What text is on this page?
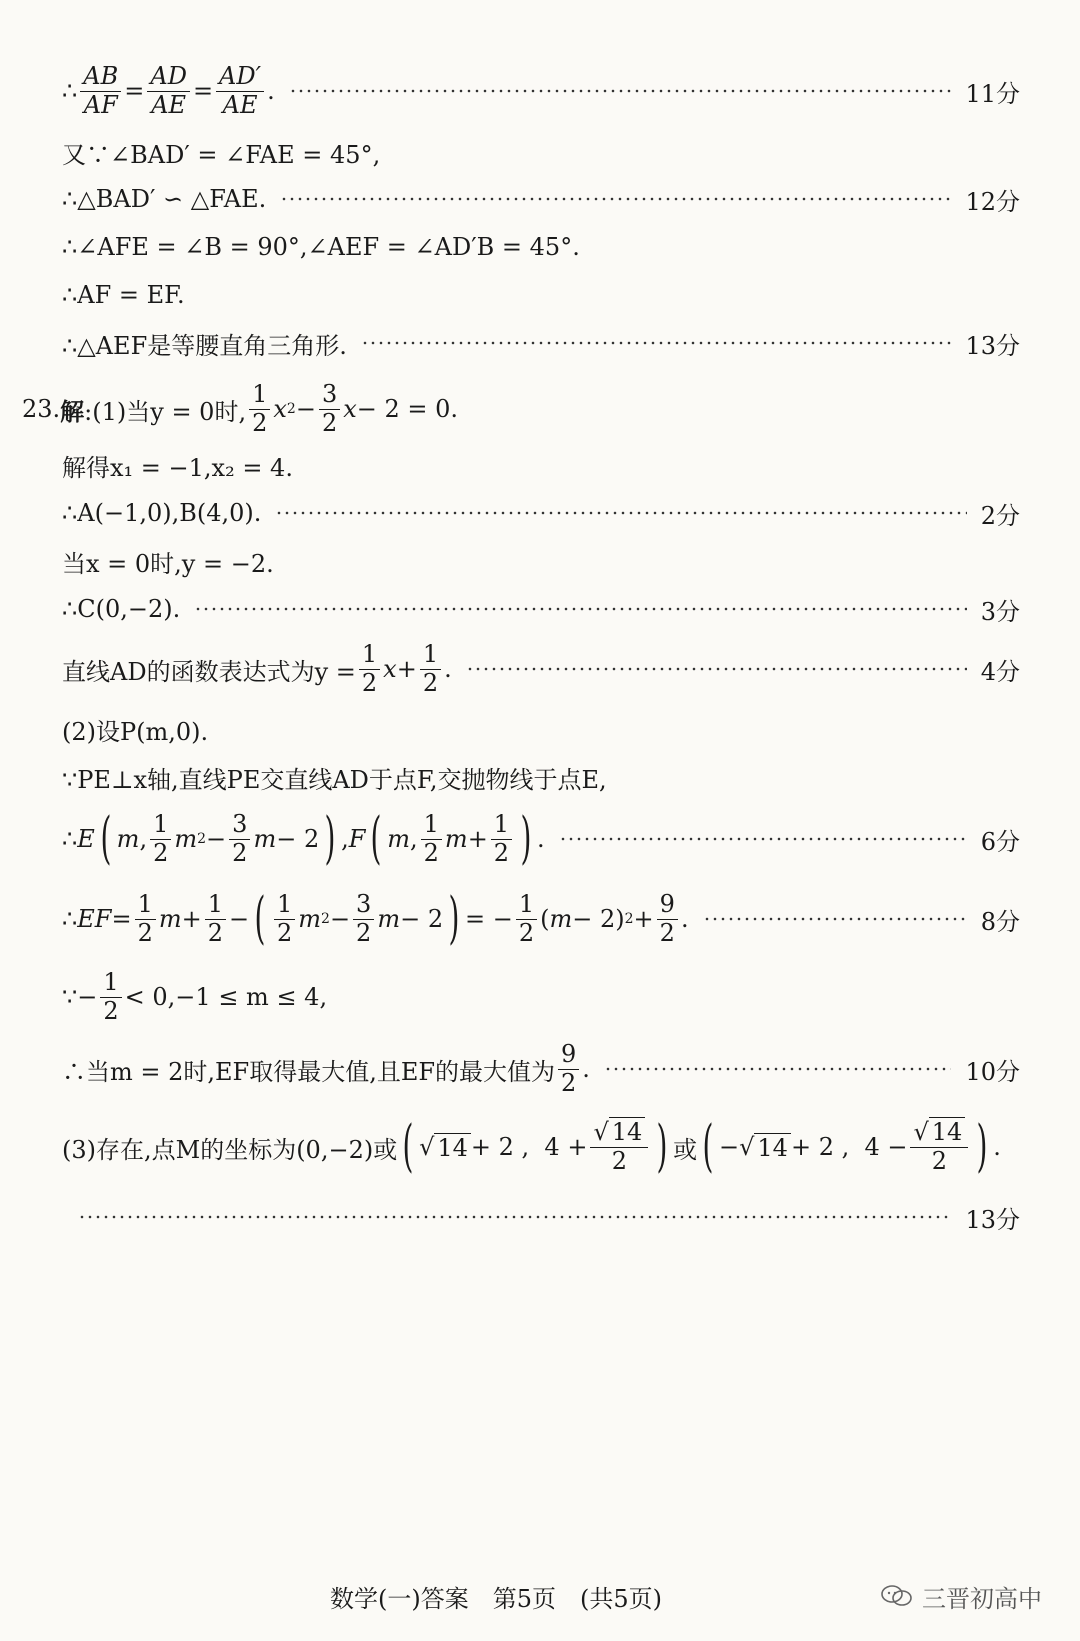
∴
AB
AF =
AD
AE =
AD′
AE .	11分
又∵∠BAD′ = ∠FAE = 45°,
∴△BAD′ ∽ △FAE.	12分
∴∠AFE = ∠B = 90°,∠AEF = ∠AD′B = 45°.
∴AF = EF.
∴△AEF是等腰直角三角形.	13分
23. 解 :(1)当y = 0时,
1
2 x 2 −
3
2 x − 2 = 0.
解得x₁ = −1,x₂ = 4.
∴A(−1,0),B(4,0).	2分
当x = 0时,y = −2.
∴C(0,−2).	3分
直线AD的函数表达式为$y = \frac{1}{2}$ x +
1
2 .	4分
(2)设P(m,0).
∵PE⊥x轴,直线PE交直线AD于点F,交抛物线于点E,
∴ E ( m ,
1
2 m 2 −
3
2 m − 2 ) , F ( m ,
1
2 m +
1
2 ) .	6分
∴ EF =
1
2 m +
1
2 − ( 1
2 m 2 −
3
2 m − 2 ) = −
1
2 ( m − 2) 2 +
9
2 .	8分
∵− $\frac{1}{2} < 0,-1 \le m \le 4$,
∴当m = 2时,EF取得最大值,且EF的最大值为
9
2 .	10分
(3)存在,点M的坐标为(0,−2)或 ( √ 14 + 2 ,  4 +
√ 14
2 ) 或 ( −√ 14 + 2 ,  4 −
√ 14
2 ) .
13分
数学(一)答案　第5页　(共5页)	三晋初高中
